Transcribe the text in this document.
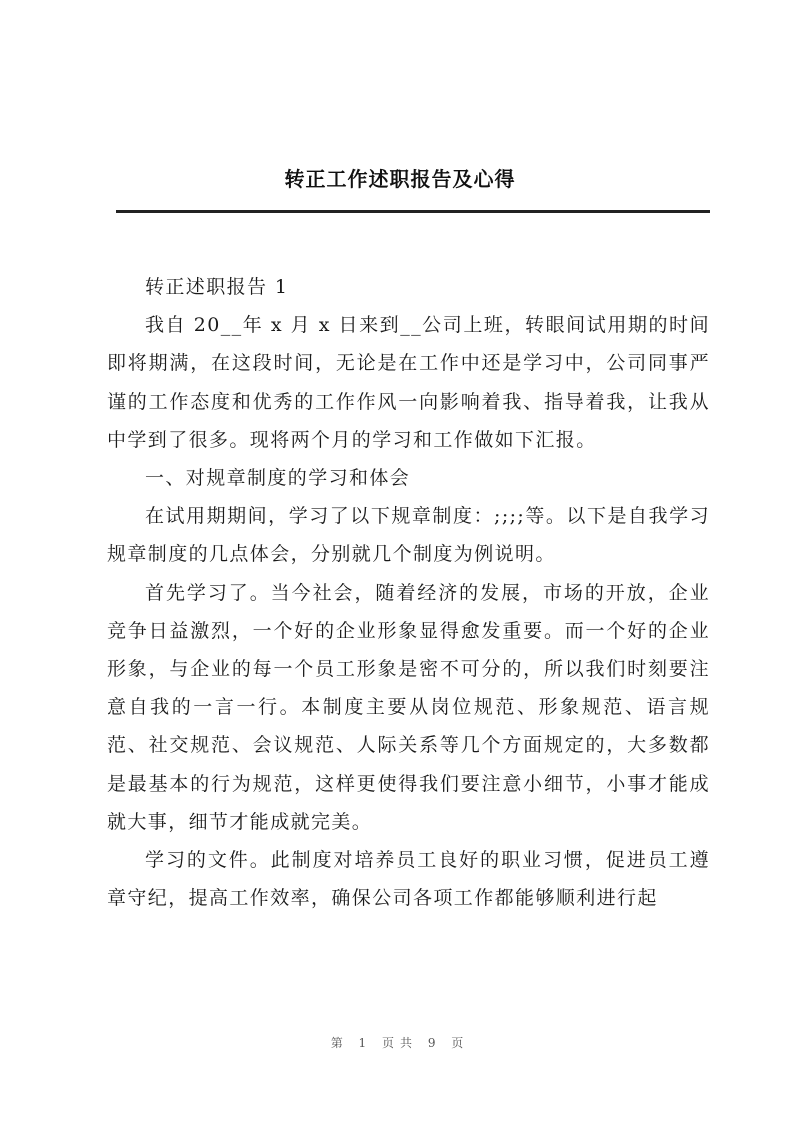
转正工作述职报告及心得

转正述职报告 1

我自 20__年 x 月 x 日来到__公司上班，转眼间试用期的时间即将期满，在这段时间，无论是在工作中还是学习中，公司同事严谨的工作态度和优秀的工作作风一向影响着我、指导着我，让我从中学到了很多。现将两个月的学习和工作做如下汇报。

一、对规章制度的学习和体会

在试用期期间，学习了以下规章制度：;;;;等。以下是自我学习规章制度的几点体会，分别就几个制度为例说明。

首先学习了。当今社会，随着经济的发展，市场的开放，企业竞争日益激烈，一个好的企业形象显得愈发重要。而一个好的企业形象，与企业的每一个员工形象是密不可分的，所以我们时刻要注意自我的一言一行。本制度主要从岗位规范、形象规范、语言规范、社交规范、会议规范、人际关系等几个方面规定的，大多数都是最基本的行为规范，这样更使得我们要注意小细节，小事才能成就大事，细节才能成就完美。

学习的文件。此制度对培养员工良好的职业习惯，促进员工遵章守纪，提高工作效率，确保公司各项工作都能够顺利进行起

第 1 页共 9 页
